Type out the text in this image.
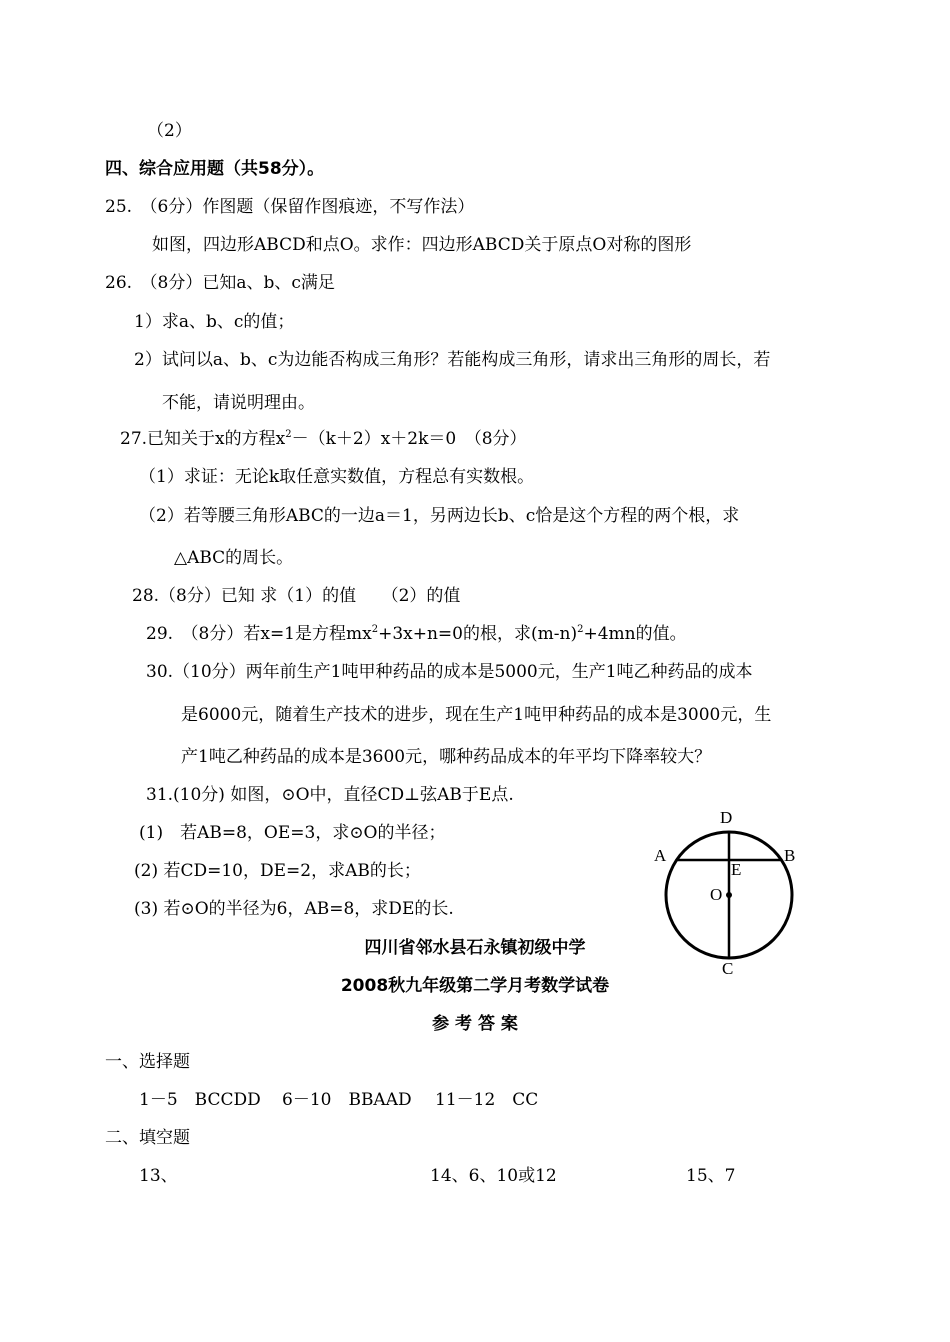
（2）
四、综合应用题（共58分）。
25.　（6分）作图题（保留作图痕迹，不写作法）
如图，四边形ABCD和点O。求作：四边形ABCD关于原点O对称的图形
26.　（8分）已知a、b、c满足
1）求a、b、c的值；
2）试问以a、b、c为边能否构成三角形？若能构成三角形，请求出三角形的周长，若
不能，请说明理由。
27.已知关于x的方程$x^2-(k+2)x+2k=0$　（8分）
（1）求证：无论k取任意实数值，方程总有实数根。
（2）若等腰三角形ABC的一边a＝1，另两边长b、c恰是这个方程的两个根，求
△ABC的周长。
28.（8分）已知 求（1）的值　　（2）的值
29.　（8分）若x=1是方程$mx^2+3x+n=0$的根，求$(m-n)^2+4mn$的值。
30.（10分）两年前生产1吨甲种药品的成本是5000元，生产1吨乙种药品的成本
是6000元，随着生产技术的进步，现在生产1吨甲种药品的成本是3000元，生
产1吨乙种药品的成本是3600元，哪种药品成本的年平均下降率较大？
31.(10分) 如图，⊙O中，直径CD⊥弦AB于E点.
(1)　若AB=8，OE=3，求⊙O的半径；
(2) 若CD=10，DE=2，求AB的长；
(3) 若⊙O的半径为6，AB=8，求DE的长.
D
A	B
E
O
C
四川省邻水县石永镇初级中学
2008秋九年级第二学月考数学试卷
参 考 答 案
一、选择题
1－5　BCCDD 6－10　BBAAD 11－12　CC
二、填空题
13、	14、6、10或12	15、7
